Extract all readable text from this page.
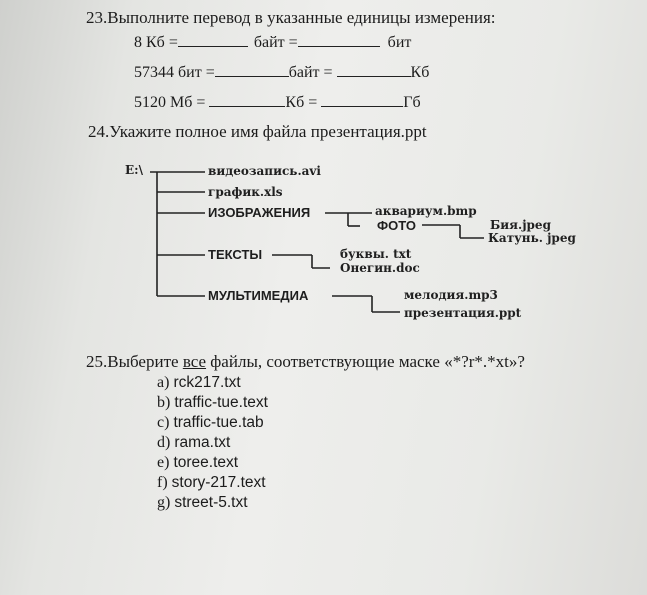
23.Выполните перевод в указанные единицы измерения:
8 Кб =	байт =	бит
57344 бит =	байт =	Кб
5120 Мб =	Кб =	Гб
24.Укажите полное имя файла презентация.ppt
E:\	видеозапись.avi
график.xls
ИЗОБРАЖЕНИЯ	аквариум.bmp
ФОТО	Бия.jpeg
Катунь. jpeg
ТЕКСТЫ	буквы. txt
Онегин.doc
МУЛЬТИМЕДИА	мелодия.mp3
презентация.ppt
25.Выберите все файлы, соответствующие маске «*?r*.*xt»?
a) rck217.txt
b) traffic-tue.text
c) traffic-tue.tab
d) rama.txt
e) toree.text
f) story-217.text
g) street-5.txt
